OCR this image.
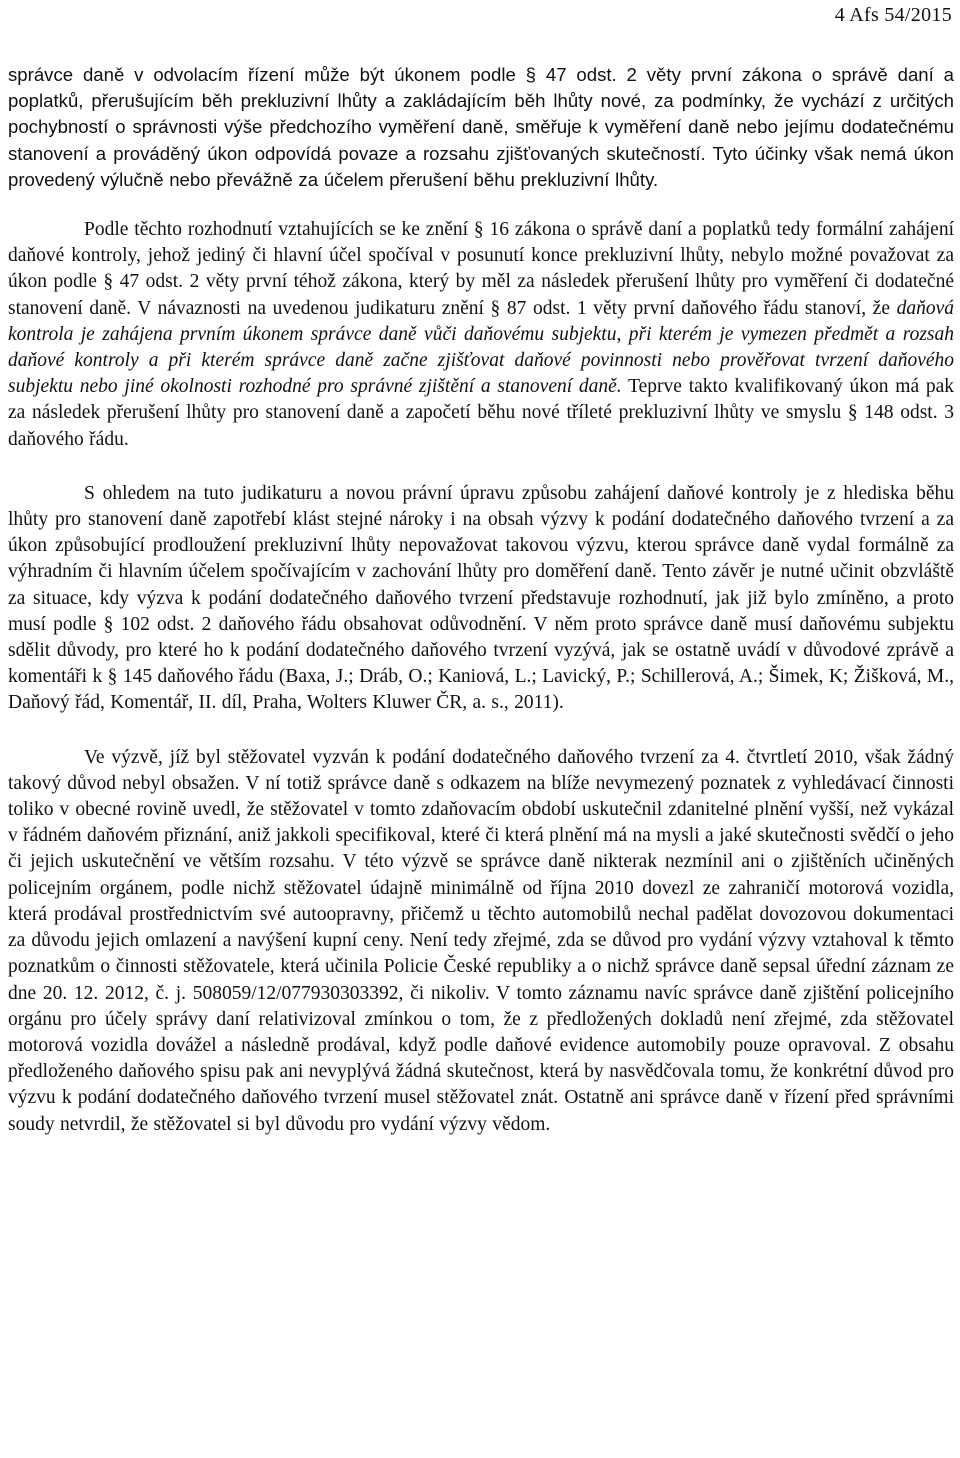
4 Afs 54/2015

správce daně v odvolacím řízení může být úkonem podle § 47 odst. 2 věty první zákona o správě daní a poplatků, přerušujícím běh prekluzivní lhůty a zakládajícím běh lhůty nové, za podmínky, že vychází z určitých pochybností o správnosti výše předchozího vyměření daně, směřuje k vyměření daně nebo jejímu dodatečnému stanovení a prováděný úkon odpovídá povaze a rozsahu zjišťovaných skutečností. Tyto účinky však nemá úkon provedený výlučně nebo převážně za účelem přerušení běhu prekluzivní lhůty.

Podle těchto rozhodnutí vztahujících se ke znění § 16 zákona o správě daní a poplatků tedy formální zahájení daňové kontroly, jehož jediný či hlavní účel spočíval v posunutí konce prekluzivní lhůty, nebylo možné považovat za úkon podle § 47 odst. 2 věty první téhož zákona, který by měl za následek přerušení lhůty pro vyměření či dodatečné stanovení daně. V návaznosti na uvedenou judikaturu znění § 87 odst. 1 věty první daňového řádu stanoví, že daňová kontrola je zahájena prvním úkonem správce daně vůči daňovému subjektu, při kterém je vymezen předmět a rozsah daňové kontroly a při kterém správce daně začne zjišťovat daňové povinnosti nebo prověřovat tvrzení daňového subjektu nebo jiné okolnosti rozhodné pro správné zjištění a stanovení daně. Teprve takto kvalifikovaný úkon má pak za následek přerušení lhůty pro stanovení daně a započetí běhu nové tříleté prekluzivní lhůty ve smyslu § 148 odst. 3 daňového řádu.

S ohledem na tuto judikaturu a novou právní úpravu způsobu zahájení daňové kontroly je z hlediska běhu lhůty pro stanovení daně zapotřebí klást stejné nároky i na obsah výzvy k podání dodatečného daňového tvrzení a za úkon způsobující prodloužení prekluzivní lhůty nepovažovat takovou výzvu, kterou správce daně vydal formálně za výhradním či hlavním účelem spočívajícím v zachování lhůty pro doměření daně. Tento závěr je nutné učinit obzvláště za situace, kdy výzva k podání dodatečného daňového tvrzení představuje rozhodnutí, jak již bylo zmíněno, a proto musí podle § 102 odst. 2 daňového řádu obsahovat odůvodnění. V něm proto správce daně musí daňovému subjektu sdělit důvody, pro které ho k podání dodatečného daňového tvrzení vyzývá, jak se ostatně uvádí v důvodové zprávě a komentáři k § 145 daňového řádu (Baxa, J.; Dráb, O.; Kaniová, L.; Lavický, P.; Schillerová, A.; Šimek, K; Žišková, M., Daňový řád, Komentář, II. díl, Praha, Wolters Kluwer ČR, a. s., 2011).

Ve výzvě, jíž byl stěžovatel vyzván k podání dodatečného daňového tvrzení za 4. čtvrtletí 2010, však žádný takový důvod nebyl obsažen. V ní totiž správce daně s odkazem na blíže nevymezený poznatek z vyhledávací činnosti toliko v obecné rovině uvedl, že stěžovatel v tomto zdaňovacím období uskutečnil zdanitelné plnění vyšší, než vykázal v řádném daňovém přiznání, aniž jakkoli specifikoval, které či která plnění má na mysli a jaké skutečnosti svědčí o jeho či jejich uskutečnění ve větším rozsahu. V této výzvě se správce daně nikterak nezmínil ani o zjištěních učiněných policejním orgánem, podle nichž stěžovatel údajně minimálně od října 2010 dovezl ze zahraničí motorová vozidla, která prodával prostřednictvím své autoopravny, přičemž u těchto automobilů nechal padělat dovozovou dokumentaci za důvodu jejich omlazení a navýšení kupní ceny. Není tedy zřejmé, zda se důvod pro vydání výzvy vztahoval k těmto poznatkům o činnosti stěžovatele, která učinila Policie České republiky a o nichž správce daně sepsal úřední záznam ze dne 20. 12. 2012, č. j. 508059/12/077930303392, či nikoliv. V tomto záznamu navíc správce daně zjištění policejního orgánu pro účely správy daní relativizoval zmínkou o tom, že z předložených dokladů není zřejmé, zda stěžovatel motorová vozidla dovážel a následně prodával, když podle daňové evidence automobily pouze opravoval. Z obsahu předloženého daňového spisu pak ani nevyplývá žádná skutečnost, která by nasvědčovala tomu, že konkrétní důvod pro výzvu k podání dodatečného daňového tvrzení musel stěžovatel znát. Ostatně ani správce daně v řízení před správními soudy netvrdil, že stěžovatel si byl důvodu pro vydání výzvy vědom.
